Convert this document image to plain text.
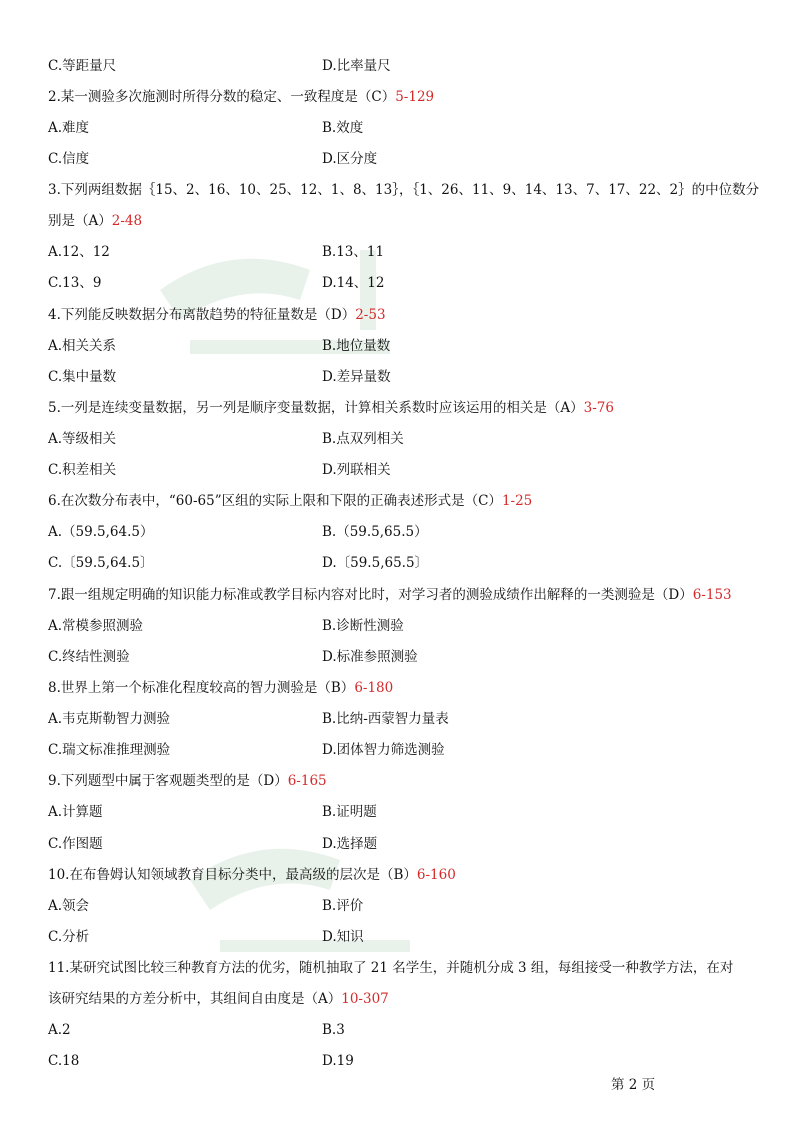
C.等距量尺	D.比率量尺
2.某一测验多次施测时所得分数的稳定、一致程度是（C）5-129
A.难度	B.效度
C.信度	D.区分度
3.下列两组数据｛15、2、16、10、25、12、1、8、13｝，｛1、26、11、9、14、13、7、17、22、2｝的中位数分
别是（A）2-48
A.12、12	B.13、11
C.13、9	D.14、12
4.下列能反映数据分布离散趋势的特征量数是（D）2-53
A.相关关系	B.地位量数
C.集中量数	D.差异量数
5.一列是连续变量数据，另一列是顺序变量数据，计算相关系数时应该运用的相关是（A）3-76
A.等级相关	B.点双列相关
C.积差相关	D.列联相关
6.在次数分布表中，“60-65”区组的实际上限和下限的正确表述形式是（C）1-25
A.（59.5,64.5）	B.（59.5,65.5）
C.〔59.5,64.5〕	D.〔59.5,65.5〕
7.跟一组规定明确的知识能力标准或教学目标内容对比时，对学习者的测验成绩作出解释的一类测验是（D）6-153
A.常模参照测验	B.诊断性测验
C.终结性测验	D.标准参照测验
8.世界上第一个标准化程度较高的智力测验是（B）6-180
A.韦克斯勒智力测验	B.比纳-西蒙智力量表
C.瑞文标准推理测验	D.团体智力筛选测验
9.下列题型中属于客观题类型的是（D）6-165
A.计算题	B.证明题
C.作图题	D.选择题
10.在布鲁姆认知领域教育目标分类中，最高级的层次是（B）6-160
A.领会	B.评价
C.分析	D.知识
11.某研究试图比较三种教育方法的优劣，随机抽取了 21 名学生，并随机分成 3 组，每组接受一种教学方法，在对
该研究结果的方差分析中，其组间自由度是（A）10-307
A.2	B.3
C.18	D.19
第 2 页
